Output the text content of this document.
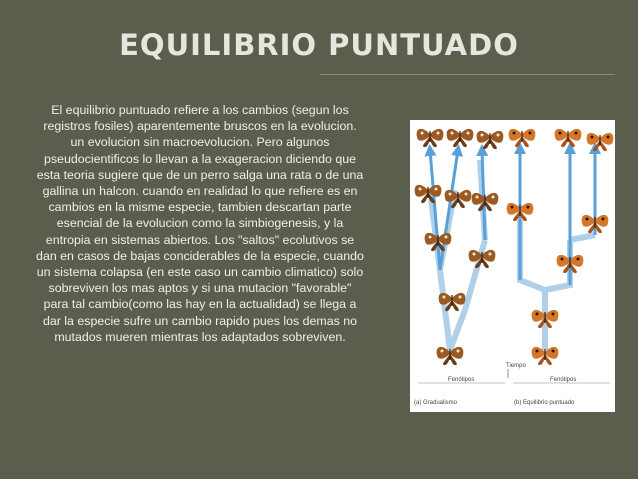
EQUILIBRIO PUNTUADO
El equilibrio puntuado refiere a los cambios (segun los registros fosiles) aparentemente bruscos en la evolucion. un evolucion sin macroevolucion. Pero algunos pseudocientificos lo llevan a la exageracion diciendo que esta teoria sugiere que de un perro salga una rata o de una gallina un halcon. cuando en realidad lo que refiere es en cambios en la misme especie, tambien descartan parte esencial de la evolucion como la simbiogenesis, y la entropia en sistemas abiertos. Los "saltos" ecolutivos se dan en casos de bajas conciderables de la especie, cuando un sistema colapsa (en este caso un cambio climatico) solo sobreviven los mas aptos y si una mutacion "favorable" para tal cambio(como las hay en la actualidad) se llega a dar la especie sufre un cambio rapido pues los demas no mutados mueren mientras los adaptados sobreviven.
Tiempo
Fenótipos	Fenótipos
(a) Gradualismo	(b) Equilibrio puntuado
